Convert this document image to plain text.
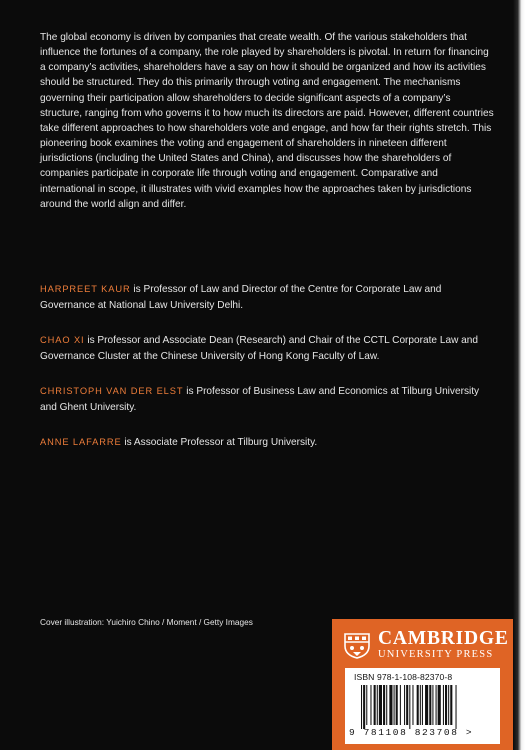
The global economy is driven by companies that create wealth. Of the various stakeholders that influence the fortunes of a company, the role played by shareholders is pivotal. In return for financing a company’s activities, shareholders have a say on how it should be organized and how its activities should be structured. They do this primarily through voting and engagement. The mechanisms governing their participation allow shareholders to decide significant aspects of a company’s structure, ranging from who governs it to how much its directors are paid. However, different countries take different approaches to how shareholders vote and engage, and how far their rights stretch. This pioneering book examines the voting and engagement of shareholders in nineteen different jurisdictions (including the United States and China), and discusses how the shareholders of companies participate in corporate life through voting and engagement. Comparative and international in scope, it illustrates with vivid examples how the approaches taken by jurisdictions around the world align and differ.

HARPREET KAUR is Professor of Law and Director of the Centre for Corporate Law and Governance at National Law University Delhi.

CHAO XI is Professor and Associate Dean (Research) and Chair of the CCTL Corporate Law and Governance Cluster at the Chinese University of Hong Kong Faculty of Law.

CHRISTOPH VAN DER ELST is Professor of Business Law and Economics at Tilburg University and Ghent University.

ANNE LAFARRE is Associate Professor at Tilburg University.

Cover illustration: Yuichiro Chino / Moment / Getty Images
CAMBRIDGE
UNIVERSITY PRESS
ISBN 978-1-108-82370-8
9 781108 823708 >
